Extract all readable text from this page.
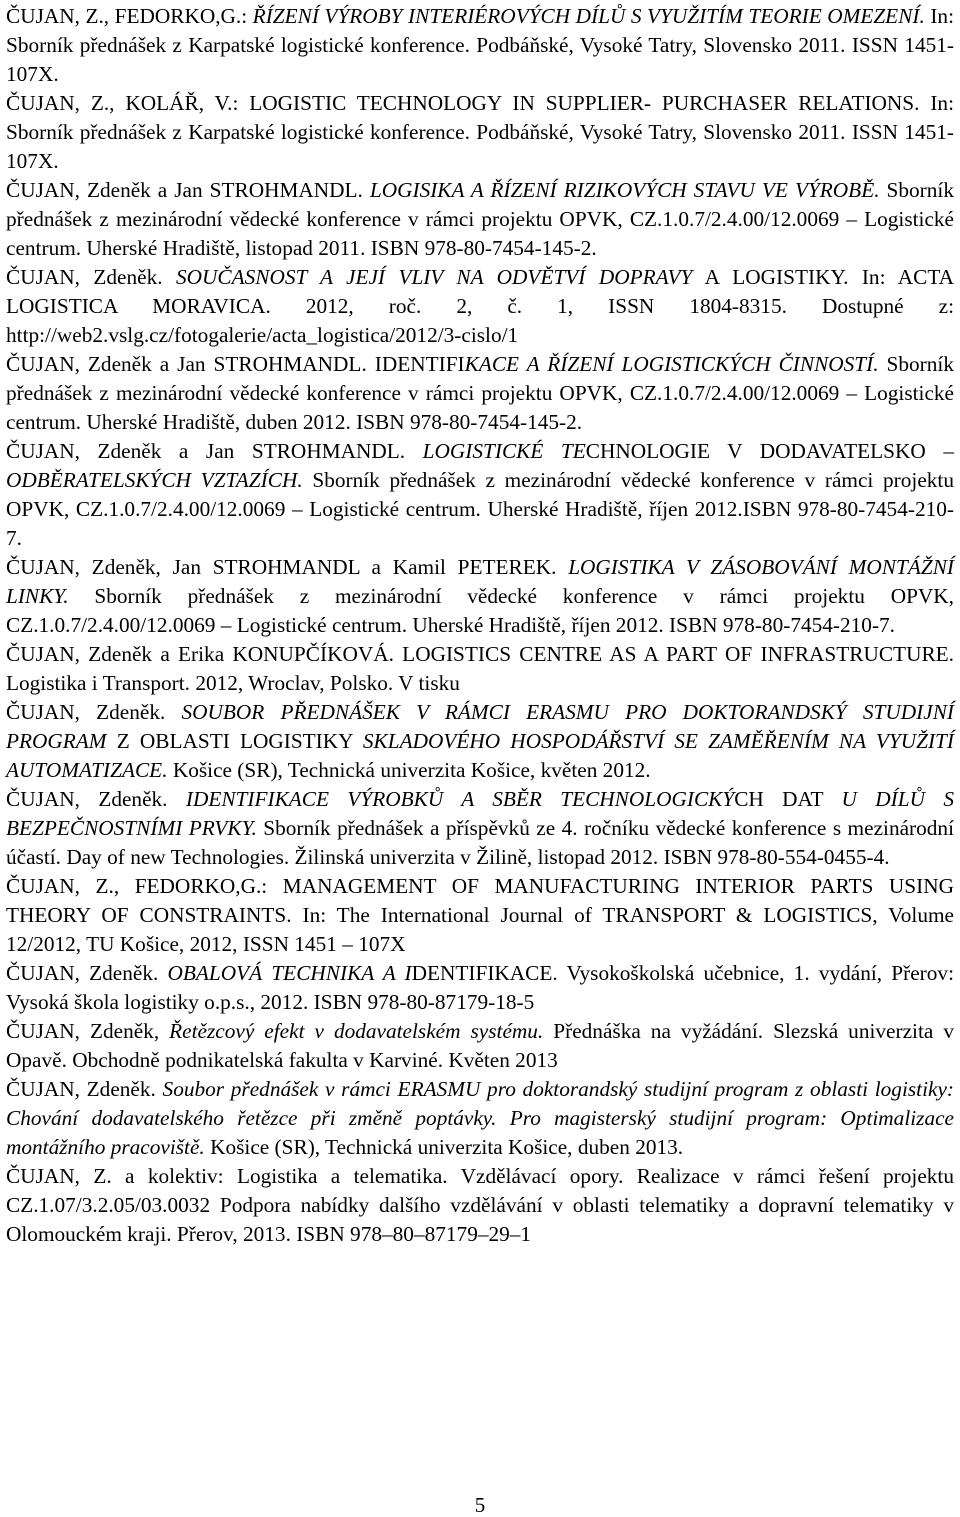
ČUJAN, Z., FEDORKO,G.: ŘÍZENÍ VÝROBY INTERIÉROVÝCH DÍLŮ S VYUŽITÍM TEORIE OMEZENÍ. In: Sborník přednášek z Karpatské logistické konference. Podbáňské, Vysoké Tatry, Slovensko 2011. ISSN 1451-107X.

ČUJAN, Z., KOLÁŘ, V.: LOGISTIC TECHNOLOGY IN SUPPLIER- PURCHASER RELATIONS. In: Sborník přednášek z Karpatské logistické konference. Podbáňské, Vysoké Tatry, Slovensko 2011. ISSN 1451-107X.

ČUJAN, Zdeněk a Jan STROHMANDL. LOGISIKA A ŘÍZENÍ RIZIKOVÝCH STAVU VE VÝROBĚ. Sborník přednášek z mezinárodní vědecké konference v rámci projektu OPVK, CZ.1.0.7/2.4.00/12.0069 – Logistické centrum. Uherské Hradiště, listopad 2011. ISBN 978-80-7454-145-2.

ČUJAN, Zdeněk. SOUČASNOST A JEJÍ VLIV NA ODVĚTVÍ DOPRAVY A LOGISTIKY. In: ACTA LOGISTICA MORAVICA. 2012, roč. 2, č. 1, ISSN 1804-8315. Dostupné z: http://web2.vslg.cz/fotogalerie/acta_logistica/2012/3-cislo/1

ČUJAN, Zdeněk a Jan STROHMANDL. IDENTIFIKACE A ŘÍZENÍ LOGISTICKÝCH ČINNOSTÍ. Sborník přednášek z mezinárodní vědecké konference v rámci projektu OPVK, CZ.1.0.7/2.4.00/12.0069 – Logistické centrum. Uherské Hradiště, duben 2012. ISBN 978-80-7454-145-2.

ČUJAN, Zdeněk a Jan STROHMANDL. LOGISTICKÉ TECHNOLOGIE V DODAVATELSKO – ODBĚRATELSKÝCH VZTAZÍCH. Sborník přednášek z mezinárodní vědecké konference v rámci projektu OPVK, CZ.1.0.7/2.4.00/12.0069 – Logistické centrum. Uherské Hradiště, říjen 2012.ISBN 978-80-7454-210-7.

ČUJAN, Zdeněk, Jan STROHMANDL a Kamil PETEREK. LOGISTIKA V ZÁSOBOVÁNÍ MONTÁŽNÍ LINKY. Sborník přednášek z mezinárodní vědecké konference v rámci projektu OPVK, CZ.1.0.7/2.4.00/12.0069 – Logistické centrum. Uherské Hradiště, říjen 2012. ISBN 978-80-7454-210-7.

ČUJAN, Zdeněk a Erika KONUPČÍKOVÁ. LOGISTICS CENTRE AS A PART OF INFRASTRUCTURE. Logistika i Transport. 2012, Wroclav, Polsko. V tisku

ČUJAN, Zdeněk. SOUBOR PŘEDNÁŠEK V RÁMCI ERASMU PRO DOKTORANDSKÝ STUDIJNÍ PROGRAM Z OBLASTI LOGISTIKY SKLADOVÉHO HOSPODÁŘSTVÍ SE ZAMĚŘENÍM NA VYUŽITÍ AUTOMATIZACE. Košice (SR), Technická univerzita Košice, květen 2012.

ČUJAN, Zdeněk. IDENTIFIKACE VÝROBKŮ A SBĚR TECHNOLOGICKÝCH DAT U DÍLŮ S BEZPEČNOSTNÍMI PRVKY. Sborník přednášek a příspěvků ze 4. ročníku vědecké konference s mezinárodní účastí. Day of new Technologies. Žilinská univerzita v Žilině, listopad 2012. ISBN 978-80-554-0455-4.

ČUJAN, Z., FEDORKO,G.: MANAGEMENT OF MANUFACTURING INTERIOR PARTS USING THEORY OF CONSTRAINTS. In: The International Journal of TRANSPORT & LOGISTICS, Volume 12/2012, TU Košice, 2012, ISSN 1451 – 107X

ČUJAN, Zdeněk. OBALOVÁ TECHNIKA A IDENTIFIKACE. Vysokoškolská učebnice, 1. vydání, Přerov: Vysoká škola logistiky o.p.s., 2012. ISBN 978-80-87179-18-5

ČUJAN, Zdeněk, Řetězcový efekt v dodavatelském systému. Přednáška na vyžádání. Slezská univerzita v Opavě. Obchodně podnikatelská fakulta v Karviné. Květen 2013

ČUJAN, Zdeněk. Soubor přednášek v rámci ERASMU pro doktorandský studijní program z oblasti logistiky: Chování dodavatelského řetězce při změně poptávky. Pro magisterský studijní program: Optimalizace montážního pracoviště. Košice (SR), Technická univerzita Košice, duben 2013.

ČUJAN, Z. a kolektiv: Logistika a telematika. Vzdělávací opory. Realizace v rámci řešení projektu CZ.1.07/3.2.05/03.0032 Podpora nabídky dalšího vzdělávání v oblasti telematiky a dopravní telematiky v Olomouckém kraji. Přerov, 2013. ISBN 978–80–87179–29–1

5
